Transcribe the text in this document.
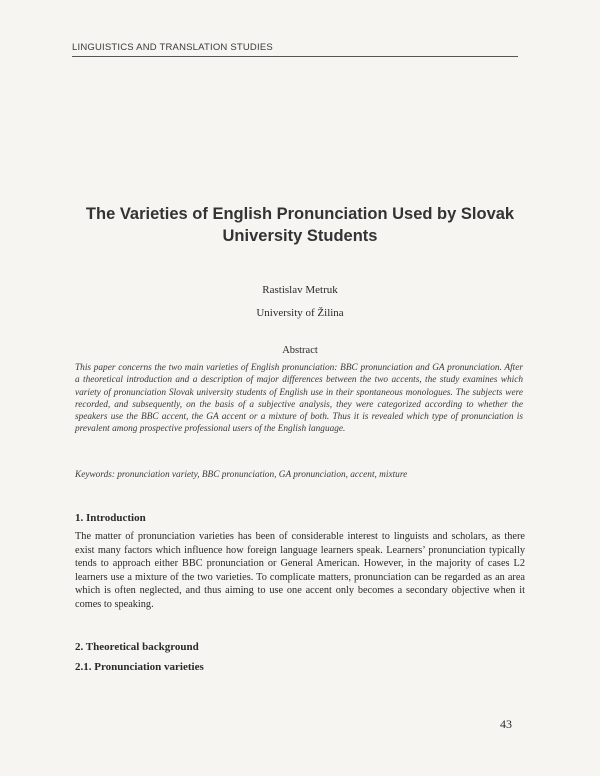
LINGUISTICS AND TRANSLATION STUDIES
The Varieties of English Pronunciation Used by Slovak University Students
Rastislav Metruk
University of Žilina
Abstract
This paper concerns the two main varieties of English pronunciation: BBC pronunciation and GA pronunciation. After a theoretical introduction and a description of major differences between the two accents, the study examines which variety of pronunciation Slovak university students of English use in their spontaneous monologues. The subjects were recorded, and subsequently, on the basis of a subjective analysis, they were categorized according to whether the speakers use the BBC accent, the GA accent or a mixture of both. Thus it is revealed which type of pronunciation is prevalent among prospective professional users of the English language.
Keywords: pronunciation variety, BBC pronunciation, GA pronunciation, accent, mixture
1. Introduction
The matter of pronunciation varieties has been of considerable interest to linguists and scholars, as there exist many factors which influence how foreign language learners speak. Learners’ pronunciation typically tends to approach either BBC pronunciation or General American. However, in the majority of cases L2 learners use a mixture of the two varieties. To complicate matters, pronunciation can be regarded as an area which is often neglected, and thus aiming to use one accent only becomes a secondary objective when it comes to speaking.
2. Theoretical background
2.1. Pronunciation varieties
43
